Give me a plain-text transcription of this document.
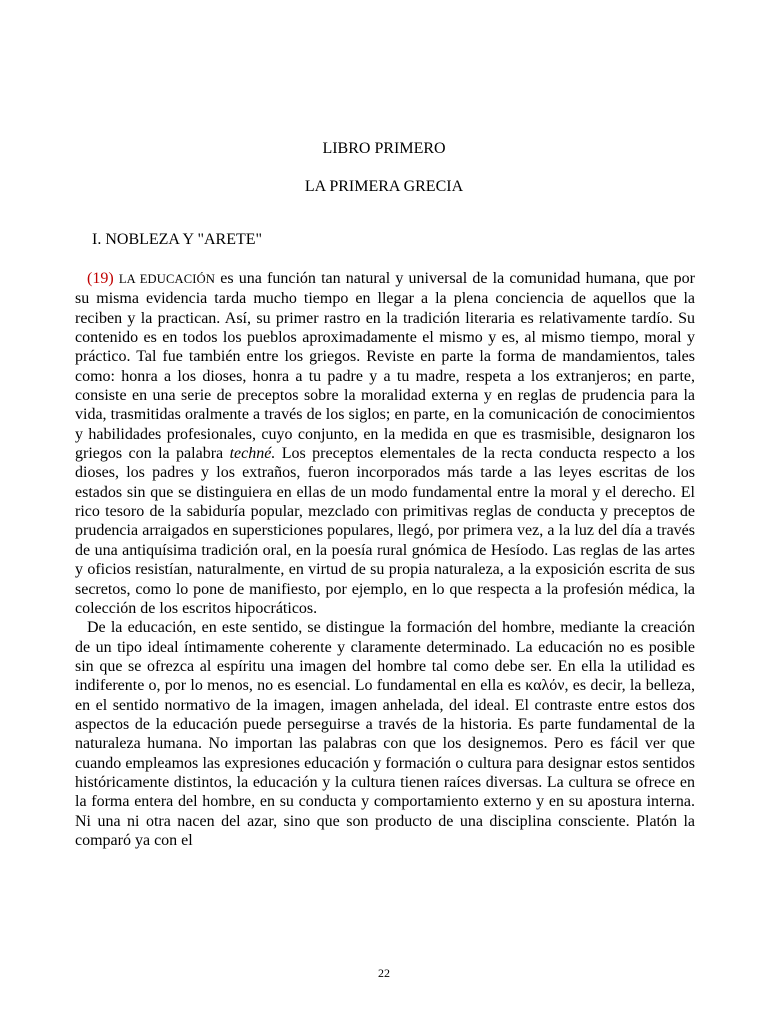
LIBRO PRIMERO
LA PRIMERA GRECIA
I. NOBLEZA Y "ARETE"

(19) LA EDUCACIÓN es una función tan natural y universal de la comunidad humana, que por su misma evidencia tarda mucho tiempo en llegar a la plena conciencia de aquellos que la reciben y la practican. Así, su primer rastro en la tradición literaria es relativamente tardío. Su contenido es en todos los pueblos aproximadamente el mismo y es, al mismo tiempo, moral y práctico. Tal fue también entre los griegos. Reviste en parte la forma de mandamientos, tales como: honra a los dioses, honra a tu padre y a tu madre, respeta a los extranjeros; en parte, consiste en una serie de preceptos sobre la moralidad externa y en reglas de prudencia para la vida, trasmitidas oralmente a través de los siglos; en parte, en la comunicación de conocimientos y habilidades profesionales, cuyo conjunto, en la medida en que es trasmisible, designaron los griegos con la palabra techné. Los preceptos elementales de la recta conducta respecto a los dioses, los padres y los extraños, fueron incorporados más tarde a las leyes escritas de los estados sin que se distinguiera en ellas de un modo fundamental entre la moral y el derecho. El rico tesoro de la sabiduría popular, mezclado con primitivas reglas de conducta y preceptos de prudencia arraigados en supersticiones populares, llegó, por primera vez, a la luz del día a través de una antiquísima tradición oral, en la poesía rural gnómica de Hesíodo. Las reglas de las artes y oficios resistían, naturalmente, en virtud de su propia naturaleza, a la exposición escrita de sus secretos, como lo pone de manifiesto, por ejemplo, en lo que respecta a la profesión médica, la colección de los escritos hipocráticos.

De la educación, en este sentido, se distingue la formación del hombre, mediante la creación de un tipo ideal íntimamente coherente y claramente determinado. La educación no es posible sin que se ofrezca al espíritu una imagen del hombre tal como debe ser. En ella la utilidad es indiferente o, por lo menos, no es esencial. Lo fundamental en ella es καλόν, es decir, la belleza, en el sentido normativo de la imagen, imagen anhelada, del ideal. El contraste entre estos dos aspectos de la educación puede perseguirse a través de la historia. Es parte fundamental de la naturaleza humana. No importan las palabras con que los designemos. Pero es fácil ver que cuando empleamos las expresiones educación y formación o cultura para designar estos sentidos históricamente distintos, la educación y la cultura tienen raíces diversas. La cultura se ofrece en la forma entera del hombre, en su conducta y comportamiento externo y en su apostura interna. Ni una ni otra nacen del azar, sino que son producto de una disciplina consciente. Platón la comparó ya con el

22
